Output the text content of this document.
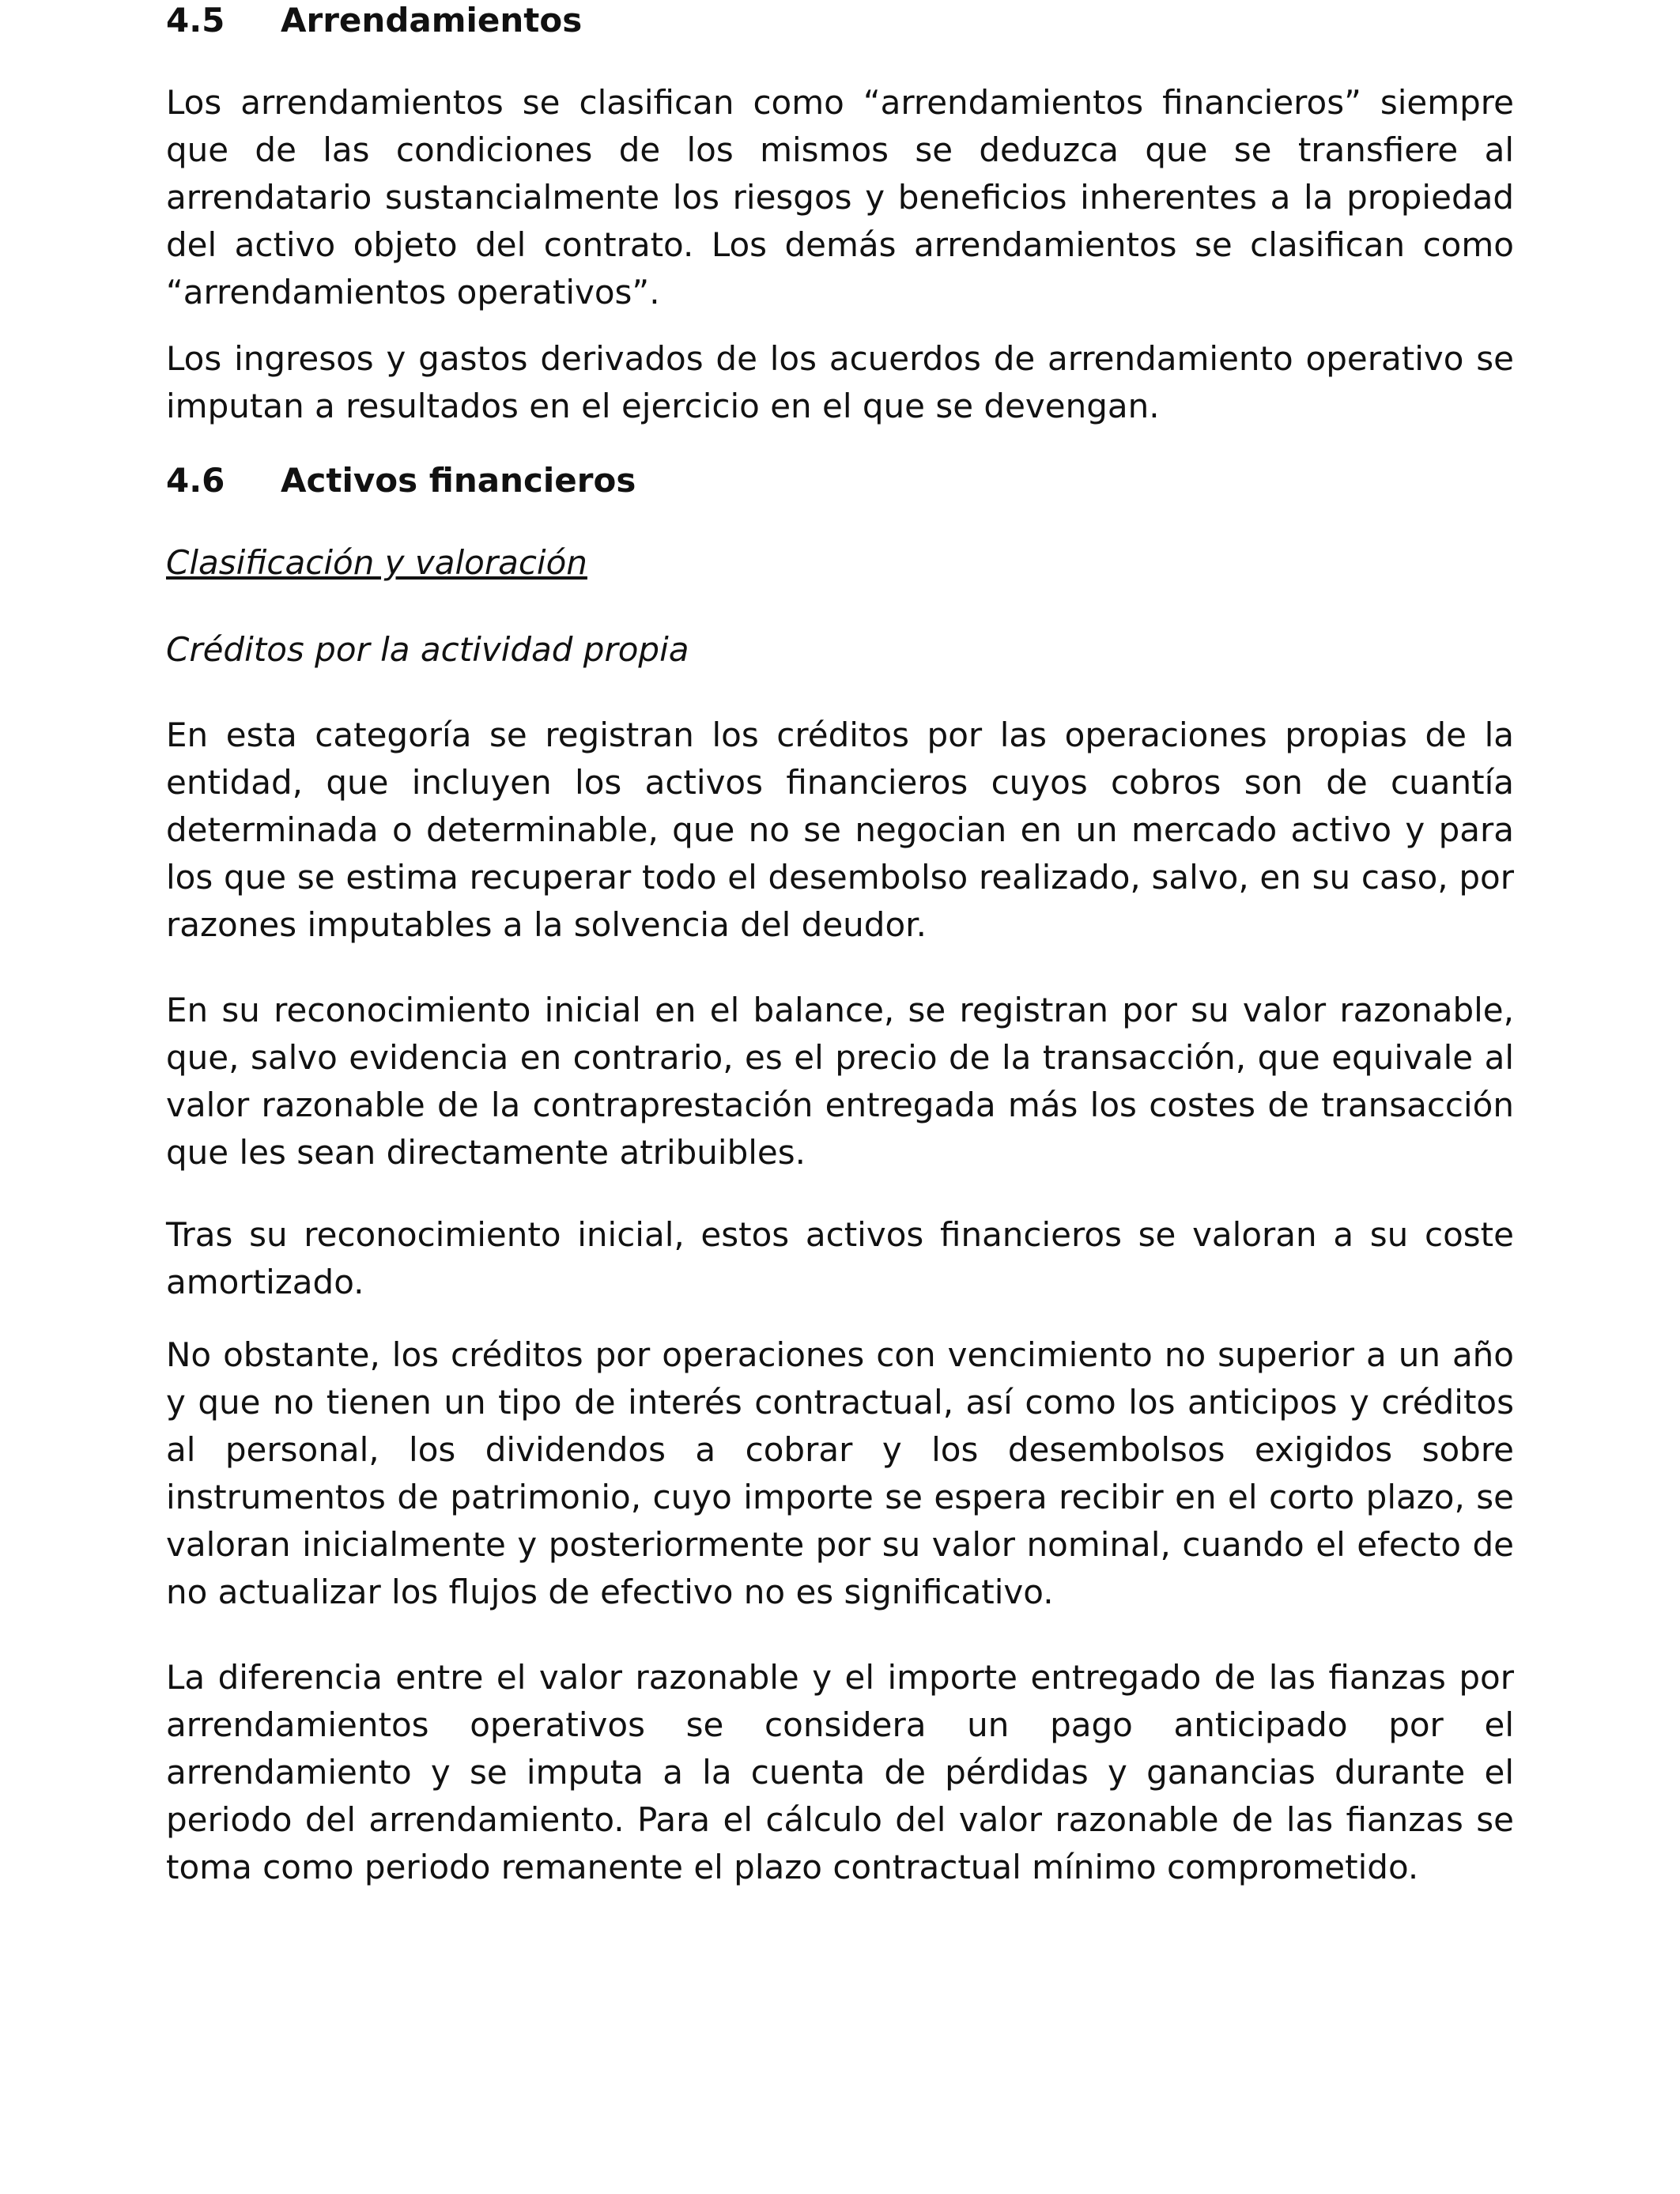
4.5	Arrendamientos

Los arrendamientos se clasifican como “arrendamientos financieros” siempre que de las condiciones de los mismos se deduzca que se transfiere al arrendatario sustancialmente los riesgos y beneficios inherentes a la propiedad del activo objeto del contrato. Los demás arrendamientos se clasifican como “arrendamientos operativos”.

Los ingresos y gastos derivados de los acuerdos de arrendamiento operativo se imputan a resultados en el ejercicio en el que se devengan.

4.6	Activos financieros

Clasificación y valoración

Créditos por la actividad propia

En esta categoría se registran los créditos por las operaciones propias de la entidad, que incluyen los activos financieros cuyos cobros son de cuantía determinada o determinable, que no se negocian en un mercado activo y para los que se estima recuperar todo el desembolso realizado, salvo, en su caso, por razones imputables a la solvencia del deudor.

En su reconocimiento inicial en el balance, se registran por su valor razonable, que, salvo evidencia en contrario, es el precio de la transacción, que equivale al valor razonable de la contraprestación entregada más los costes de transacción que les sean directamente atribuibles.

Tras su reconocimiento inicial, estos activos financieros se valoran a su coste amortizado.

No obstante, los créditos por operaciones con vencimiento no superior a un año y que no tienen un tipo de interés contractual, así como los anticipos y créditos al personal, los dividendos a cobrar y los desembolsos exigidos sobre instrumentos de patrimonio, cuyo importe se espera recibir en el corto plazo, se valoran inicialmente y posteriormente por su valor nominal, cuando el efecto de no actualizar los flujos de efectivo no es significativo.

La diferencia entre el valor razonable y el importe entregado de las fianzas por arrendamientos operativos se considera un pago anticipado por el arrendamiento y se imputa a la cuenta de pérdidas y ganancias durante el periodo del arrendamiento. Para el cálculo del valor razonable de las fianzas se toma como periodo remanente el plazo contractual mínimo comprometido.
